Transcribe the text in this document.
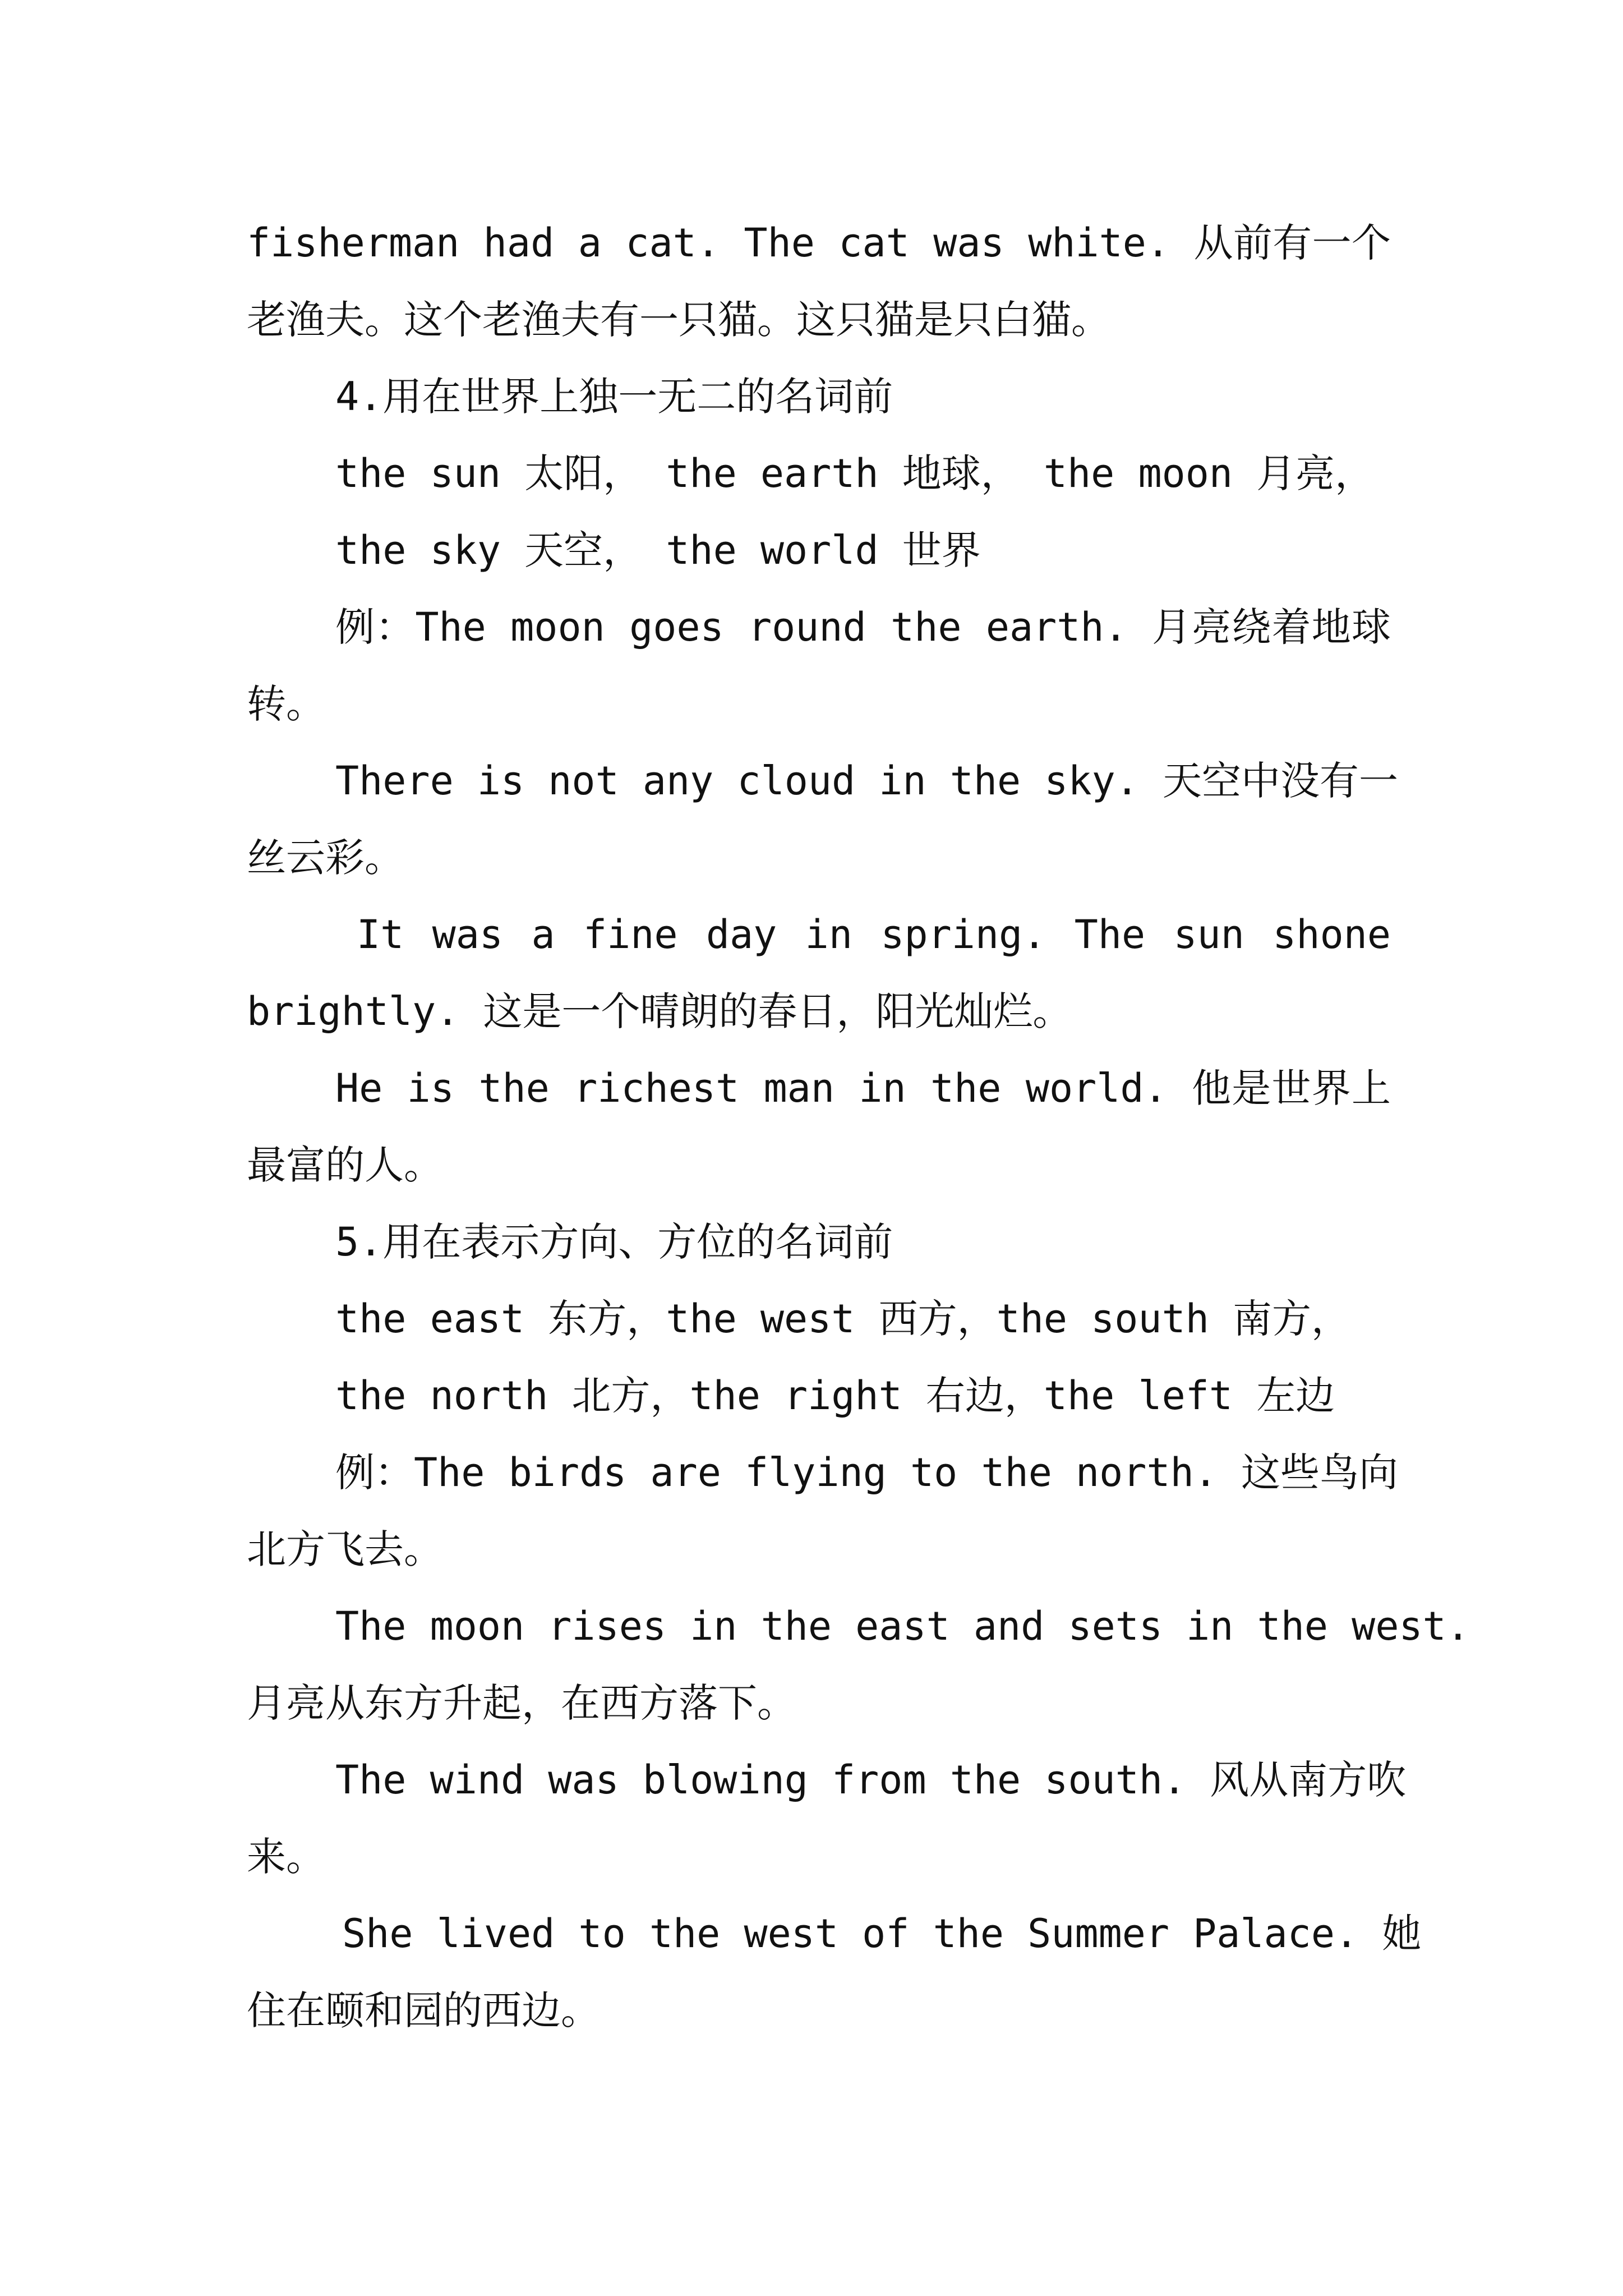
fisherman had a cat. The cat was white. 从前有一个
老渔夫。这个老渔夫有一只猫。这只猫是只白猫。
4.用在世界上独一无二的名词前
the sun 太阳， the earth 地球， the moon 月亮，
the sky 天空， the world 世界
例：The moon goes round the earth. 月亮绕着地球
转。
There is not any cloud in the sky. 天空中没有一
丝云彩。
It was a fine day in spring. The sun shone
brightly. 这是一个晴朗的春日，阳光灿烂。
He is the richest man in the world. 他是世界上
最富的人。
5.用在表示方向、方位的名词前
the east 东方，the west 西方，the south 南方，
the north 北方，the right 右边，the left 左边
例：The birds are flying to the north. 这些鸟向
北方飞去。
The moon rises in the east and sets in the west.
月亮从东方升起，在西方落下。
The wind was blowing from the south. 风从南方吹
来。
She lived to the west of the Summer Palace. 她
住在颐和园的西边。
